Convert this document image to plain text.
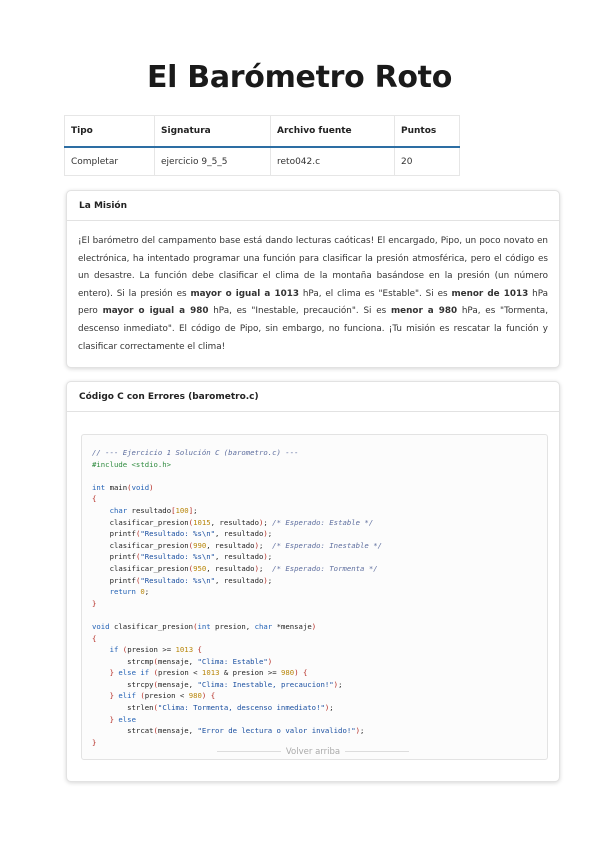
El Barómetro Roto
Tipo	Signatura	Archivo fuente	Puntos
Completar	ejercicio 9_5_5	reto042.c	20
La Misión
¡El barómetro del campamento base está dando lecturas caóticas! El encargado, Pipo, un poco novato en electrónica, ha intentado programar una función para clasificar la presión atmosférica, pero el código es un desastre. La función debe clasificar el clima de la montaña basándose en la presión (un número entero). Si la presión es mayor o igual a 1013 hPa, el clima es "Estable". Si es menor de 1013 hPa pero mayor o igual a 980 hPa, es "Inestable, precaución". Si es menor a 980 hPa, es "Tormenta, descenso inmediato". El código de Pipo, sin embargo, no funciona. ¡Tu misión es rescatar la función y clasificar correctamente el clima!
Código C con Errores (barometro.c)
// --- Ejercicio 1 Solución C (barometro.c) ---
#include <stdio.h>

int main(void)
{
char resultado[100];
clasificar_presion(1015, resultado); /* Esperado: Estable */
printf("Resultado: %s\n", resultado);
clasificar_presion(990, resultado);  /* Esperado: Inestable */
printf("Resultado: %s\n", resultado);
clasificar_presion(950, resultado);  /* Esperado: Tormenta */
printf("Resultado: %s\n", resultado);
return 0;
}

void clasificar_presion(int presion, char *mensaje)
{
if (presion >= 1013 {
strcmp(mensaje, "Clima: Estable")
} else if (presion < 1013 & presion >= 980) {
strcpy(mensaje, "Clima: Inestable, precaucion!");
} elif (presion < 980) {
strlen("Clima: Tormenta, descenso inmediato!");
} else
strcat(mensaje, "Error de lectura o valor invalido!");
}
Volver arriba
